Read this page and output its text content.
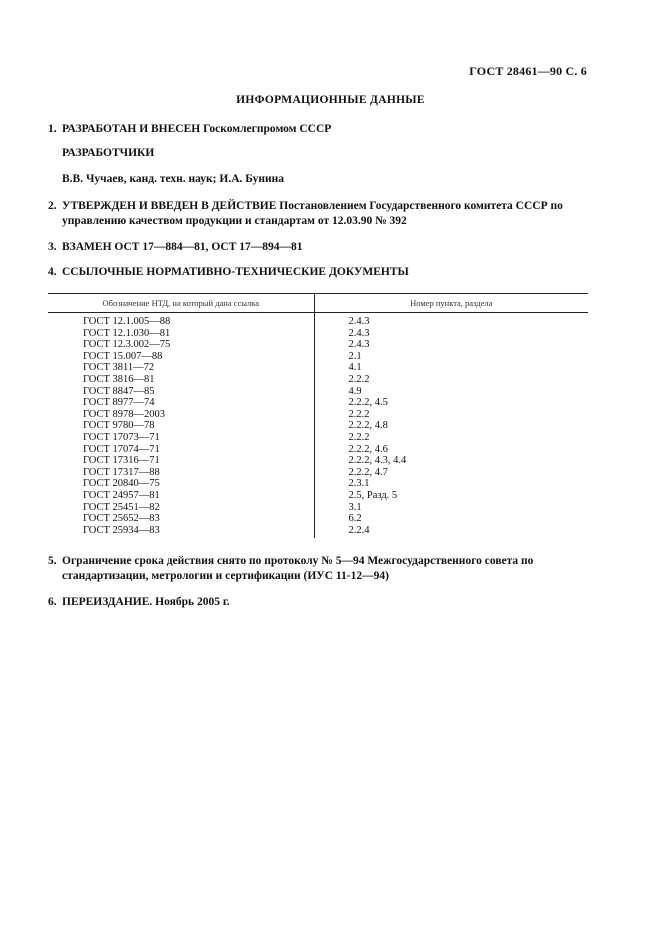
ГОСТ 28461—90 С. 6
ИНФОРМАЦИОННЫЕ ДАННЫЕ
1. РАЗРАБОТАН И ВНЕСЕН Госкомлегпромом СССР
РАЗРАБОТЧИКИ
В.В. Чучаев, канд. техн. наук; И.А. Бунина
2. УТВЕРЖДЕН И ВВЕДЕН В ДЕЙСТВИЕ Постановлением Государственного комитета СССР по управлению качеством продукции и стандартам от 12.03.90 № 392
3. ВЗАМЕН ОСТ 17—884—81, ОСТ 17—894—81
4. ССЫЛОЧНЫЕ НОРМАТИВНО-ТЕХНИЧЕСКИЕ ДОКУМЕНТЫ
Обозначение НТД, на который дана ссылка	Номер пункта, раздела
ГОСТ 12.1.005—88
ГОСТ 12.1.030—81
ГОСТ 12.3.002—75
ГОСТ 15.007—88
ГОСТ 3811—72
ГОСТ 3816—81
ГОСТ 8847—85
ГОСТ 8977—74
ГОСТ 8978—2003
ГОСТ 9780—78
ГОСТ 17073—71
ГОСТ 17074—71
ГОСТ 17316—71
ГОСТ 17317—88
ГОСТ 20840—75
ГОСТ 24957—81
ГОСТ 25451—82
ГОСТ 25652—83
ГОСТ 25934—83
2.4.3
2.4.3
2.4.3
2.1
4.1
2.2.2
4.9
2.2.2, 4.5
2.2.2
2.2.2, 4.8
2.2.2
2.2.2, 4.6
2.2.2, 4.3, 4.4
2.2.2, 4.7
2.3.1
2.5, Разд. 5
3.1
6.2
2.2.4
5. Ограничение срока действия снято по протоколу № 5—94 Межгосударственного совета по стандартизации, метрологии и сертификации (ИУС 11-12—94)
6. ПЕРЕИЗДАНИЕ. Ноябрь 2005 г.
